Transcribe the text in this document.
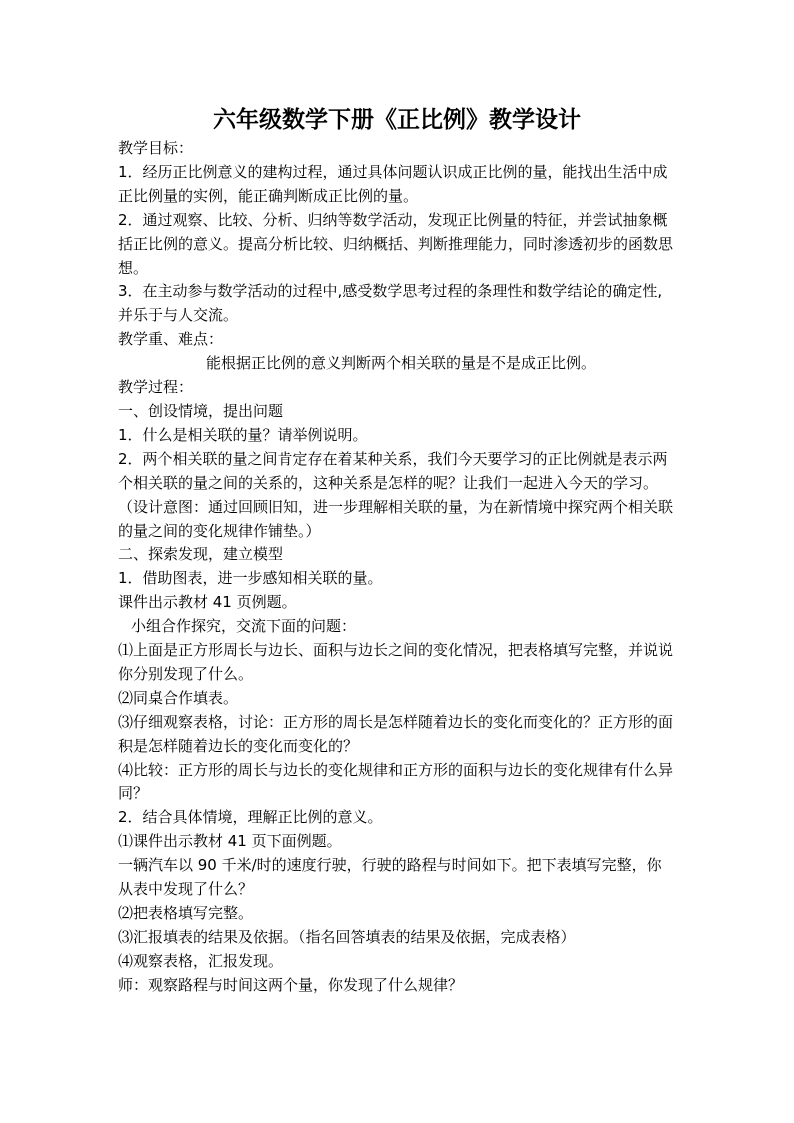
六年级数学下册《正比例》教学设计

教学目标：

1．经历正比例意义的建构过程，通过具体问题认识成正比例的量，能找出生活中成正比例量的实例，能正确判断成正比例的量。

2．通过观察、比较、分析、归纳等数学活动，发现正比例量的特征，并尝试抽象概括正比例的意义。提高分析比较、归纳概括、判断推理能力，同时渗透初步的函数思想。

3．在主动参与数学活动的过程中,感受数学思考过程的条理性和数学结论的确定性,并乐于与人交流。

教学重、难点：

能根据正比例的意义判断两个相关联的量是不是成正比例。

教学过程：

一、创设情境，提出问题

1．什么是相关联的量？请举例说明。

2．两个相关联的量之间肯定存在着某种关系，我们今天要学习的正比例就是表示两个相关联的量之间的关系的，这种关系是怎样的呢？让我们一起进入今天的学习。

（设计意图：通过回顾旧知，进一步理解相关联的量，为在新情境中探究两个相关联的量之间的变化规律作铺垫。）

二、探索发现，建立模型

1．借助图表，进一步感知相关联的量。

课件出示教材 41 页例题。

小组合作探究，交流下面的问题：

⑴上面是正方形周长与边长、面积与边长之间的变化情况，把表格填写完整，并说说你分别发现了什么。

⑵同桌合作填表。

⑶仔细观察表格，讨论：正方形的周长是怎样随着边长的变化而变化的？正方形的面积是怎样随着边长的变化而变化的？

⑷比较：正方形的周长与边长的变化规律和正方形的面积与边长的变化规律有什么异同？

2．结合具体情境，理解正比例的意义。

⑴课件出示教材 41 页下面例题。

一辆汽车以 90 千米/时的速度行驶，行驶的路程与时间如下。把下表填写完整，你从表中发现了什么？

⑵把表格填写完整。

⑶汇报填表的结果及依据。（指名回答填表的结果及依据，完成表格）

⑷观察表格，汇报发现。

师：观察路程与时间这两个量，你发现了什么规律？
